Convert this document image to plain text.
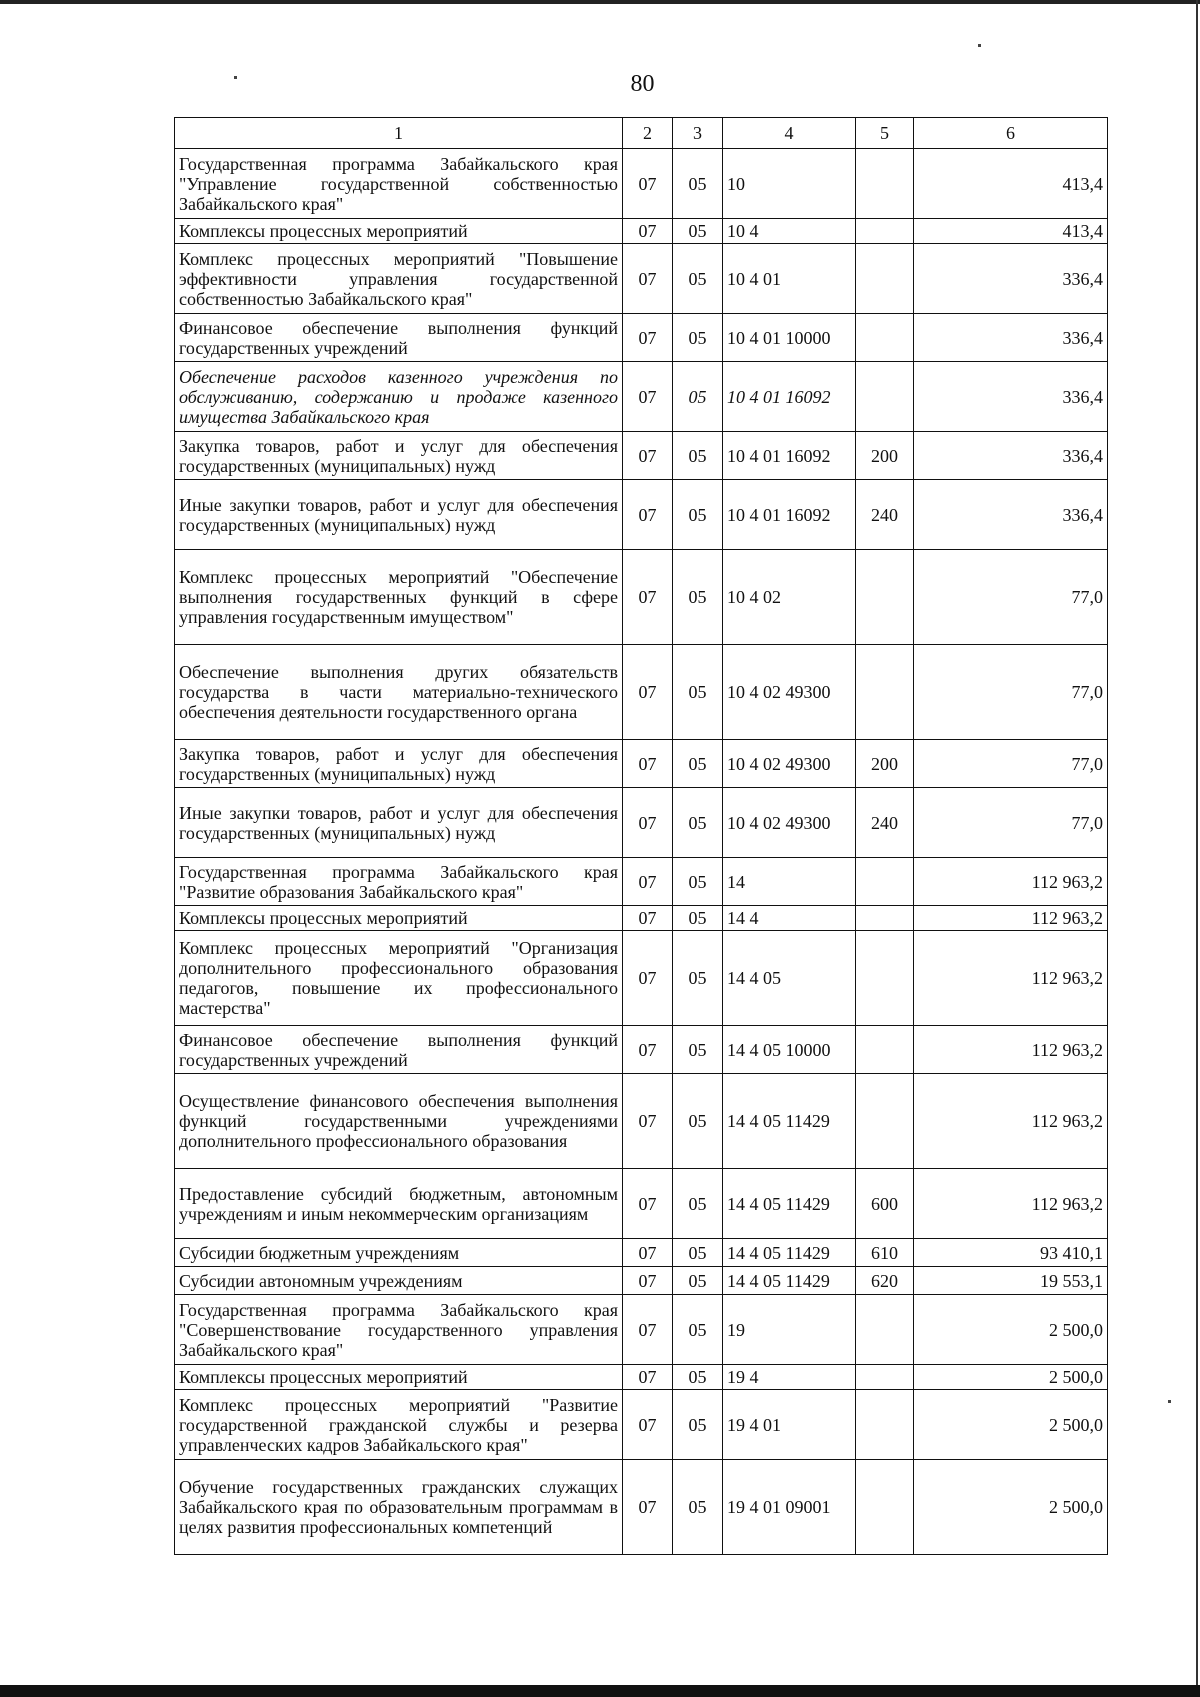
80
1	2	3	4	5	6
Государственная программа Забайкальского края "Управление государственной собственностью Забайкальского края"	07	05	10		413,4
Комплексы процессных мероприятий	07	05	10 4		413,4
Комплекс процессных мероприятий "Повышение эффективности управления государственной собственностью Забайкальского края"	07	05	10 4 01		336,4
Финансовое обеспечение выполнения функций государственных учреждений	07	05	10 4 01 10000		336,4
Обеспечение расходов казенного учреждения по обслуживанию, содержанию и продаже казенного имущества Забайкальского края	07	05	10 4 01 16092		336,4
Закупка товаров, работ и услуг для обеспечения государственных (муниципальных) нужд	07	05	10 4 01 16092	200	336,4
Иные закупки товаров, работ и услуг для обеспечения государственных (муниципальных) нужд	07	05	10 4 01 16092	240	336,4
Комплекс процессных мероприятий "Обеспечение выполнения государственных функций в сфере управления государственным имуществом"	07	05	10 4 02		77,0
Обеспечение выполнения других обязательств государства в части материально-технического обеспечения деятельности государственного органа	07	05	10 4 02 49300		77,0
Закупка товаров, работ и услуг для обеспечения государственных (муниципальных) нужд	07	05	10 4 02 49300	200	77,0
Иные закупки товаров, работ и услуг для обеспечения государственных (муниципальных) нужд	07	05	10 4 02 49300	240	77,0
Государственная программа Забайкальского края "Развитие образования Забайкальского края"	07	05	14		112 963,2
Комплексы процессных мероприятий	07	05	14 4		112 963,2
Комплекс процессных мероприятий "Организация дополнительного профессионального образования педагогов, повышение их профессионального мастерства"	07	05	14 4 05		112 963,2
Финансовое обеспечение выполнения функций государственных учреждений	07	05	14 4 05 10000		112 963,2
Осуществление финансового обеспечения выполнения функций государственными учреждениями дополнительного профессионального образования	07	05	14 4 05 11429		112 963,2
Предоставление субсидий бюджетным, автономным учреждениям и иным некоммерческим организациям	07	05	14 4 05 11429	600	112 963,2
Субсидии бюджетным учреждениям	07	05	14 4 05 11429	610	93 410,1
Субсидии автономным учреждениям	07	05	14 4 05 11429	620	19 553,1
Государственная программа Забайкальского края "Совершенствование государственного управления Забайкальского края"	07	05	19		2 500,0
Комплексы процессных мероприятий	07	05	19 4		2 500,0
Комплекс процессных мероприятий "Развитие государственной гражданской службы и резерва управленческих кадров Забайкальского края"	07	05	19 4 01		2 500,0
Обучение государственных гражданских служащих Забайкальского края по образовательным программам в целях развития профессиональных компетенций	07	05	19 4 01 09001		2 500,0
